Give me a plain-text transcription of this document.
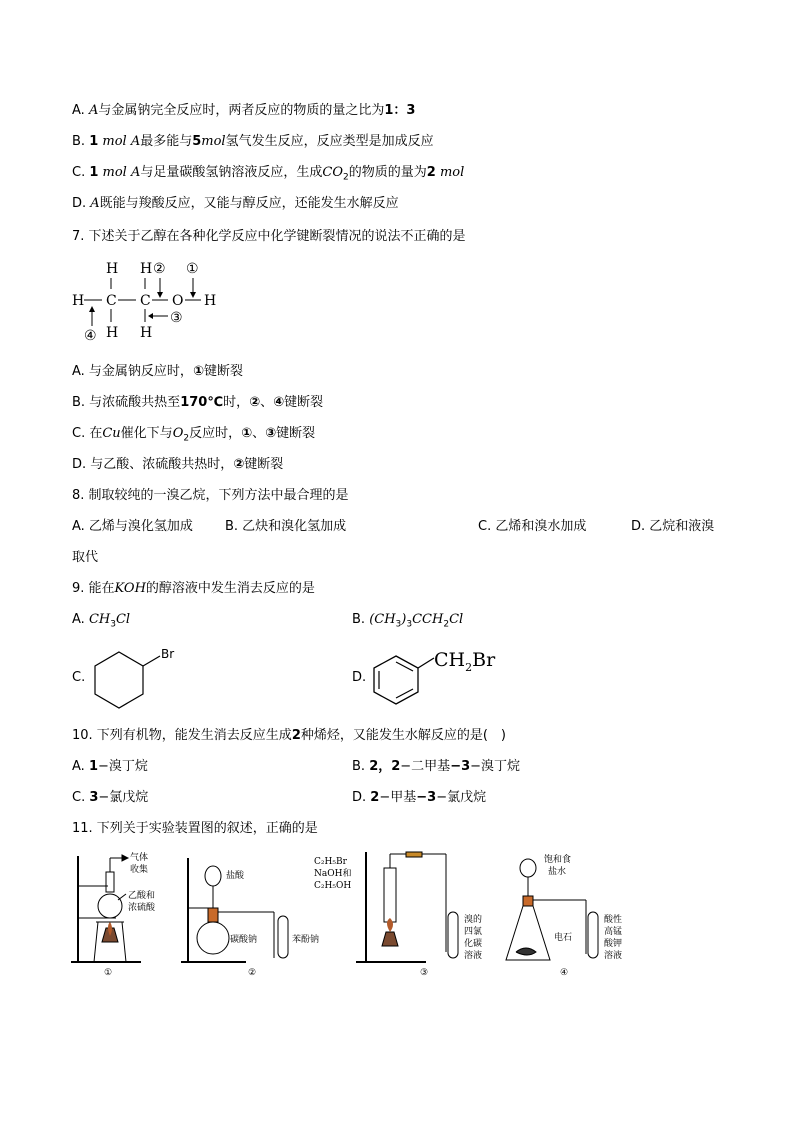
A. A与金属钠完全反应时，两者反应的物质的量之比为1：3
B. 1 mol A最多能与5mol氢气发生反应，反应类型是加成反应
C. 1 mol A与足量碳酸氢钠溶液反应，生成$CO_2$的物质的量为2 mol
D. A既能与羧酸反应，又能与醇反应，还能发生水解反应
7. 下述关于乙醇在各种化学反应中化学键断裂情况的说法不正确的是
H H ② ①
H C C O H
③
④ H H
A. 与金属钠反应时，①键断裂
B. 与浓硫酸共热至170℃时，②、④键断裂
C. 在Cu催化下与$O_2$反应时，①、③键断裂
D. 与乙酸、浓硫酸共热时，②键断裂
8. 制取较纯的一溴乙烷，下列方法中最合理的是
A. 乙烯与溴化氢加成 B. 乙炔和溴化氢加成	C. 乙烯和溴水加成	D. 乙烷和液溴
取代
9. 能在KOH的醇溶液中发生消去反应的是
A. $CH_3Cl$	B. $(CH_3)_3CCH_2Cl$
C.
Br
D.
$CH_2Br$
10. 下列有机物，能发生消去反应生成2种烯烃，又能发生水解反应的是(　)
A. 1−溴丁烷	B. 2，2−二甲基−3−溴丁烷
C. 3−氯戊烷	D. 2−甲基−3−氯戊烷
11. 下列关于实验装置图的叙述，正确的是
气体
收集
乙酸和
浓硫酸
①
盐酸
碳酸钠	苯酚钠
②
C₂H₅Br
NaOH和
C₂H₅OH
溴的
四氯
化碳
溶液
③
饱和食
盐水
电石
酸性
高锰
酸钾
溶液
④
